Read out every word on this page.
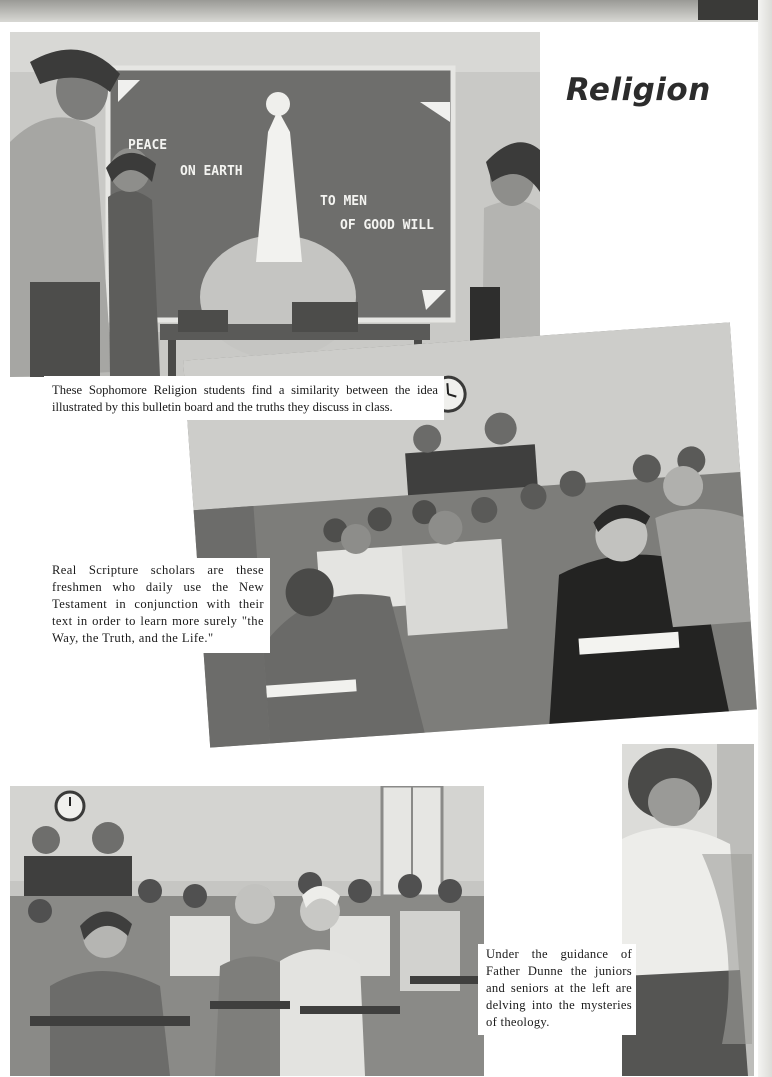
PEACE
ON EARTH
TO MEN
OF GOOD WILL
Religion

These Sophomore Religion students find a similarity between the idea illustrated by this bulletin board and the truths they discuss in class.

Real Scripture scholars are these freshmen who daily use the New Testament in conjunction with their text in order to learn more surely "the Way, the Truth, and the Life."

Under the guidance of Father Dunne the juniors and seniors at the left are delving into the mysteries of theology.
